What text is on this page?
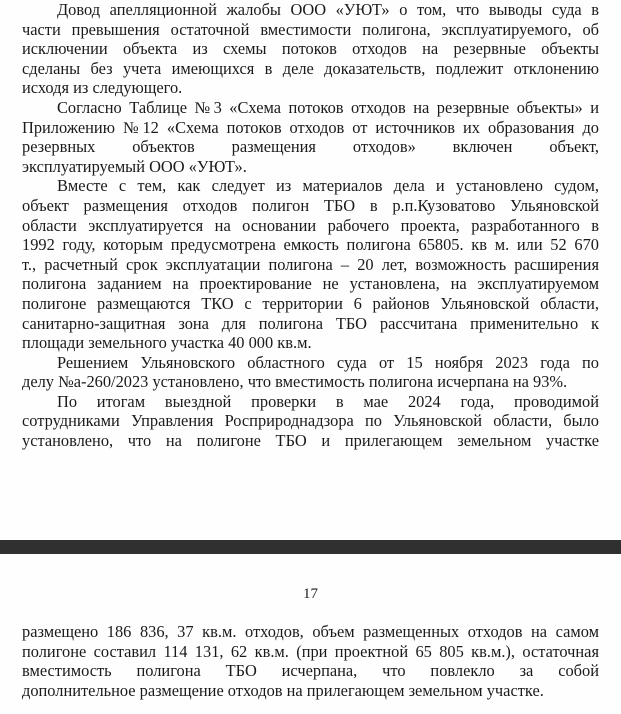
Довод апелляционной жалобы ООО «УЮТ» о том, что выводы суда в
части превышения остаточной вместимости полигона, эксплуатируемого, об
исключении объекта из схемы потоков отходов на резервные объекты
сделаны без учета имеющихся в деле доказательств, подлежит отклонению
исходя из следующего.

Согласно Таблице №3 «Схема потоков отходов на резервные объекты» и
Приложению №12 «Схема потоков отходов от источников их образования до
резервных объектов размещения отходов» включен объект,
эксплуатируемый ООО «УЮТ».

Вместе с тем, как следует из материалов дела и установлено судом,
объект размещения отходов полигон ТБО в р.п.Кузоватово Ульяновской
области эксплуатируется на основании рабочего проекта, разработанного в
1992 году, которым предусмотрена емкость полигона 65805. кв м. или 52 670
т., расчетный срок эксплуатации полигона – 20 лет, возможность расширения
полигона заданием на проектирование не установлена, на эксплуатируемом
полигоне размещаются ТКО с территории 6 районов Ульяновской области,
санитарно-защитная зона для полигона ТБО рассчитана применительно к
площади земельного участка 40 000 кв.м.

Решением Ульяновского областного суда от 15 ноября 2023 года по
делу №а-260/2023 установлено, что вместимость полигона исчерпана на 93%.

По итогам выездной проверки в мае 2024 года, проводимой
сотрудниками Управления Росприроднадзора по Ульяновской области, было
установлено, что на полигоне ТБО и прилегающем земельном участке

17

размещено 186 836, 37 кв.м. отходов, объем размещенных отходов на самом
полигоне составил 114 131, 62 кв.м. (при проектной 65 805 кв.м.), остаточная
вместимость полигона ТБО исчерпана, что повлекло за собой
дополнительное размещение отходов на прилегающем земельном участке.
